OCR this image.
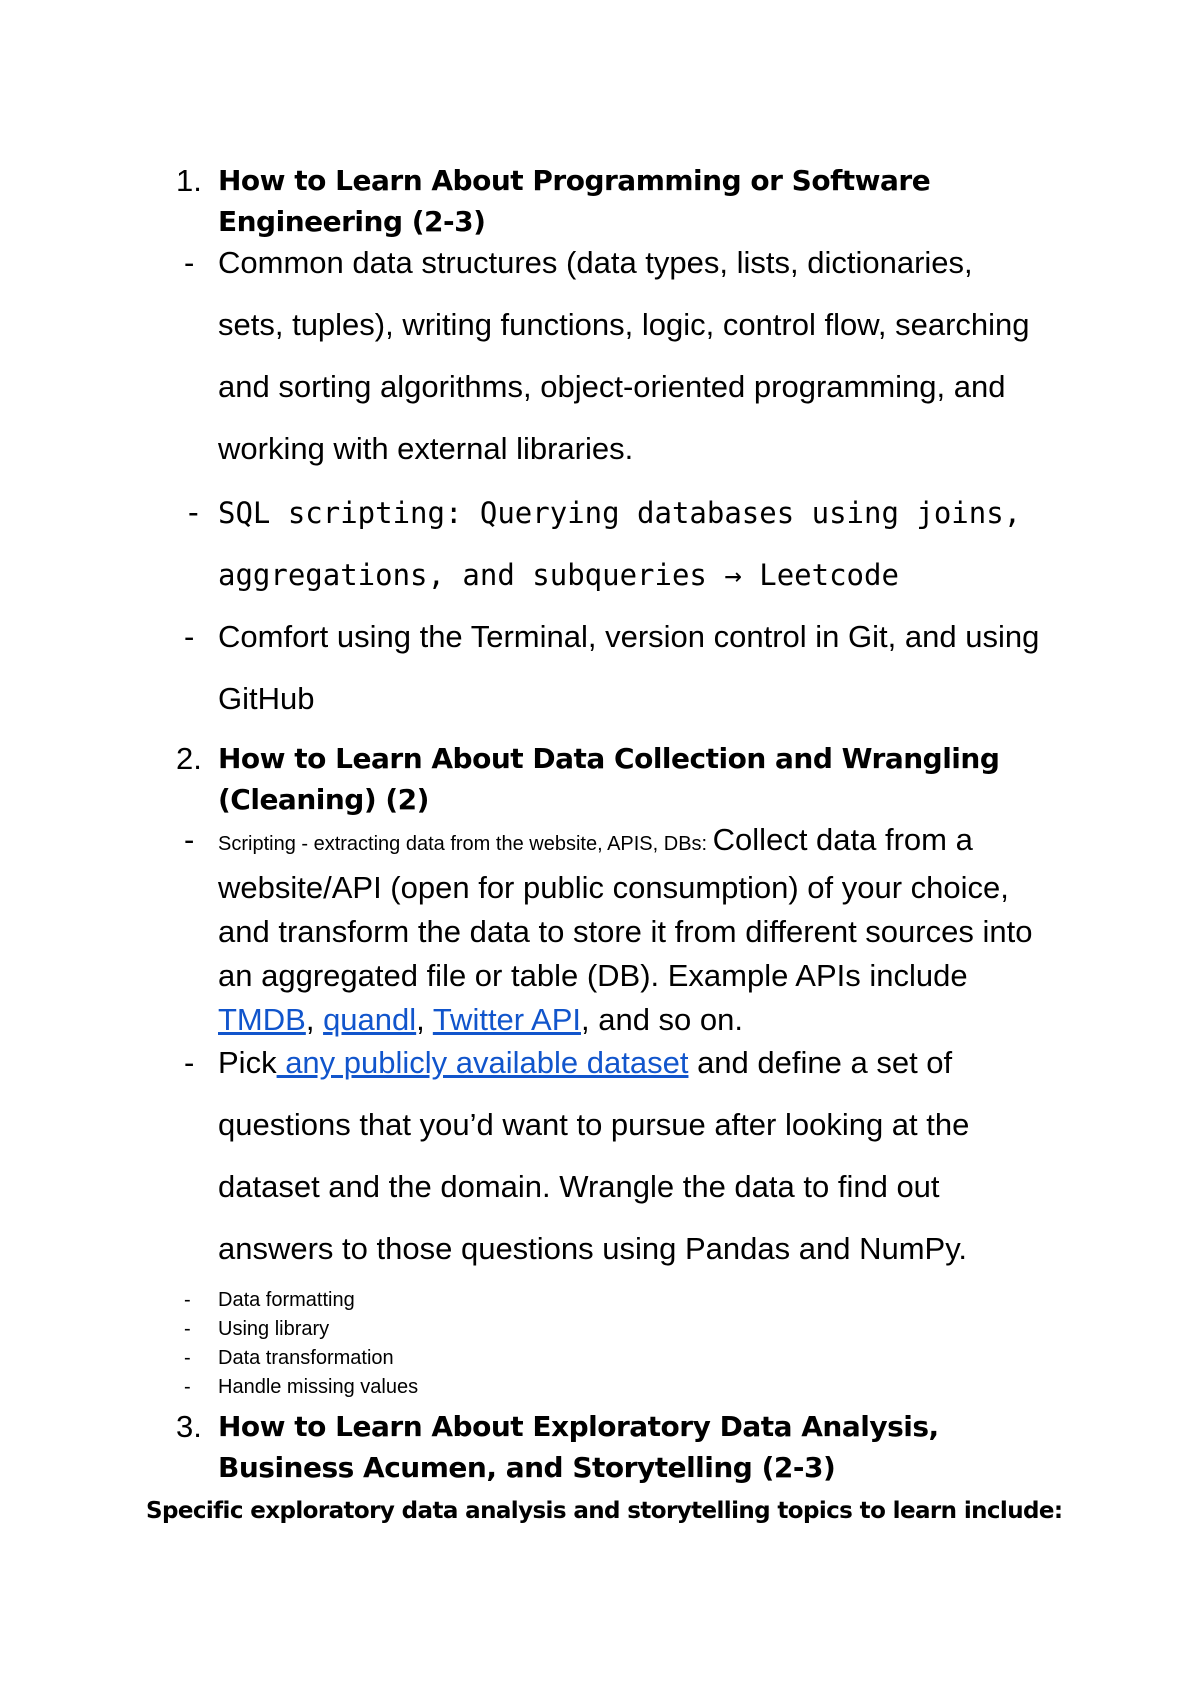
1. How to Learn About Programming or Software Engineering (2-3)
- Common data structures (data types, lists, dictionaries, sets, tuples), writing functions, logic, control flow, searching and sorting algorithms, object-oriented programming, and working with external libraries.
- SQL scripting: Querying databases using joins, aggregations, and subqueries → Leetcode
- Comfort using the Terminal, version control in Git, and using GitHub
2. How to Learn About Data Collection and Wrangling (Cleaning) (2)
- Scripting - extracting data from the website, APIS, DBs: Collect data from a website/API (open for public consumption) of your choice, and transform the data to store it from different sources into an aggregated file or table (DB). Example APIs include TMDB, quandl, Twitter API, and so on.
- Pick any publicly available dataset and define a set of questions that you’d want to pursue after looking at the dataset and the domain. Wrangle the data to find out answers to those questions using Pandas and NumPy.
- Data formatting
- Using library
- Data transformation
- Handle missing values
3. How to Learn About Exploratory Data Analysis, Business Acumen, and Storytelling (2-3)
Specific exploratory data analysis and storytelling topics to learn include:
